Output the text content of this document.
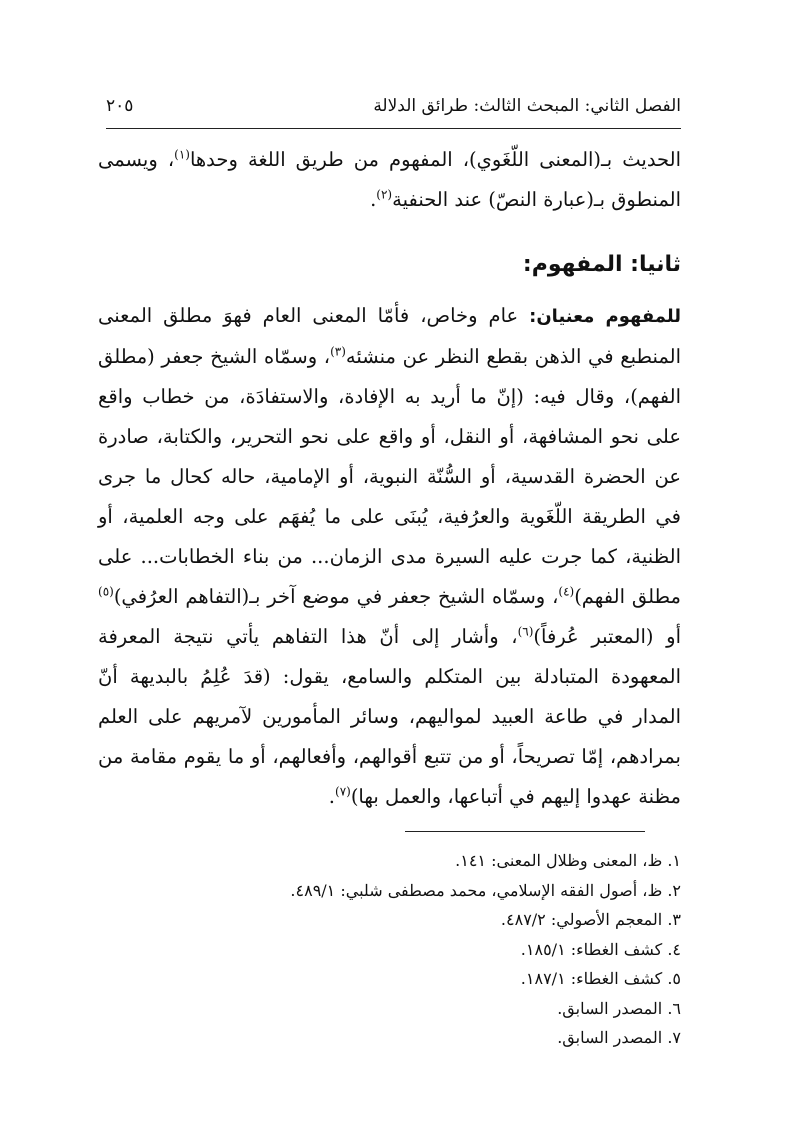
الفصل الثاني: المبحث الثالث: طرائق الدلالة
٢٠٥

الحديث بـ(المعنى اللّغَوي)، المفهوم من طريق اللغة وحدها$^{(١)}$، ويسمى المنطوق بـ(عبارة النصّ) عند الحنفية$^{(٢)}$.

ثانيا: المفهوم:

للمفهوم معنيان: عام وخاص، فأمّا المعنى العام فهوَ مطلق المعنى المنطبع في الذهن بقطع النظر عن منشئه$^{(٣)}$، وسمّاه الشيخ جعفر (مطلق الفهم)، وقال فيه: (إنّ ما أريد به الإفادة، والاستفادَة، من خطاب واقع على نحو المشافهة، أو النقل، أو واقع على نحو التحرير، والكتابة، صادرة عن الحضرة القدسية، أو السُّنّة النبوية، أو الإمامية، حاله كحال ما جرى في الطريقة اللّغَوية والعرُفية، يُبنَى على ما يُفهَم على وجه العلمية، أو الظنية، كما جرت عليه السيرة مدى الزمان... من بناء الخطابات... على مطلق الفهم)$^{(٤)}$، وسمّاه الشيخ جعفر في موضع آخر بـ(التفاهم العرُفي)$^{(٥)}$ أو (المعتبر عُرفاً)$^{(٦)}$، وأشار إلى أنّ هذا التفاهم يأتي نتيجة المعرفة المعهودة المتبادلة بين المتكلم والسامع، يقول: (قدَ عُلِمُ بالبديهة أنّ المدار في طاعة العبيد لمواليهم، وسائر المأمورين لآمريهم على العلم بمرادهم، إمّا تصريحاً، أو من تتبع أقوالهم، وأفعالهم، أو ما يقوم مقامة من مظنة عهدوا إليهم في أتباعها، والعمل بها)$^{(٧)}$.

١. ظ، المعنى وظلال المعنى: ١٤١.
٢. ظ، أصول الفقه الإسلامي، محمد مصطفى شلبي: ٤٨٩/١.
٣. المعجم الأصولي: ٤٨٧/٢.
٤. كشف الغطاء: ١٨٥/١.
٥. كشف الغطاء: ١٨٧/١.
٦. المصدر السابق.
٧. المصدر السابق.
